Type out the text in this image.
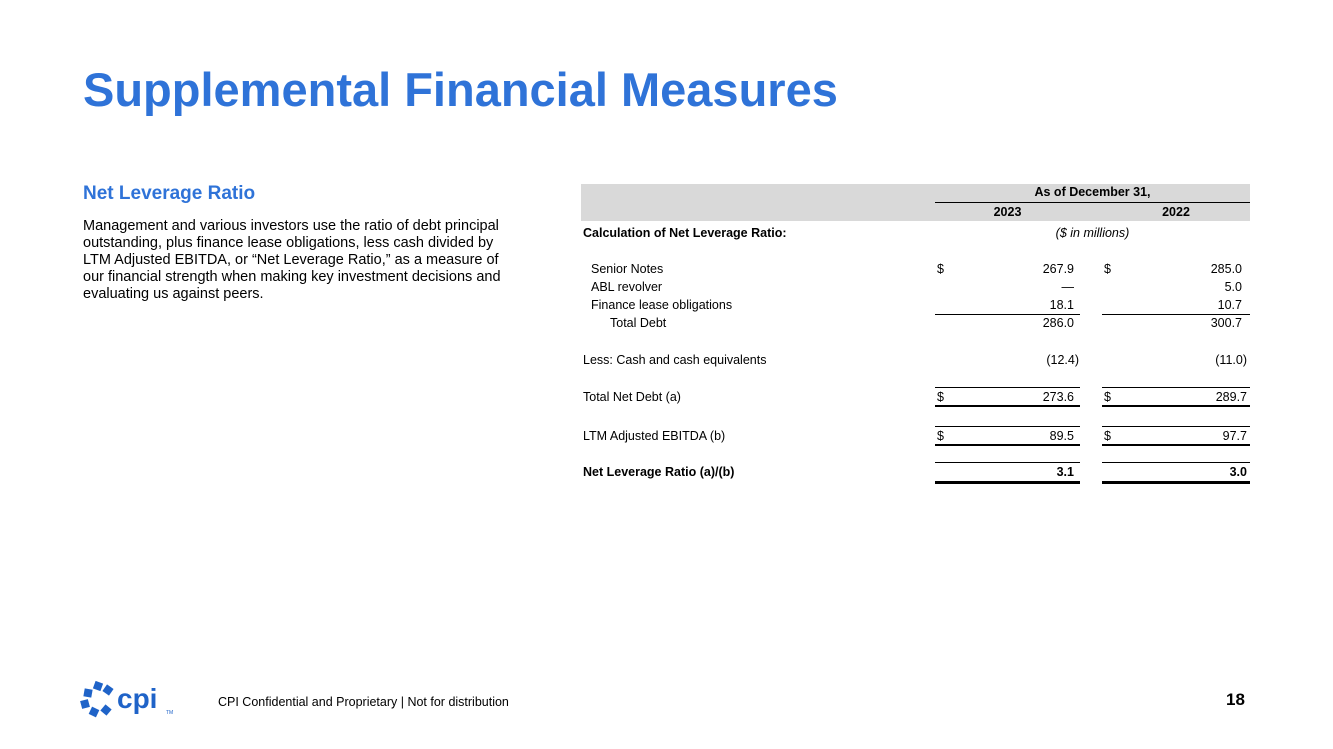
Supplemental Financial Measures
Net Leverage Ratio
Management and various investors use the ratio of debt principal outstanding, plus finance lease obligations, less cash divided by LTM Adjusted EBITDA, or “Net Leverage Ratio,” as a measure of our financial strength when making key investment decisions and evaluating us against peers.
As of December 31,
2023	2022
Calculation of Net Leverage Ratio:	($ in millions)
Senior Notes	$	267.9 $	285.0
ABL revolver	—	5.0
Finance lease obligations	18.1	10.7
Total Debt	286.0	300.7
Less: Cash and cash equivalents	(12.4)	(11.0)
Total Net Debt (a)	$	273.6 $	289.7
LTM Adjusted EBITDA (b)	$	89.5 $	97.7
Net Leverage Ratio (a)/(b)	3.1	3.0
cpi TM
CPI Confidential and Proprietary | Not for distribution	18
